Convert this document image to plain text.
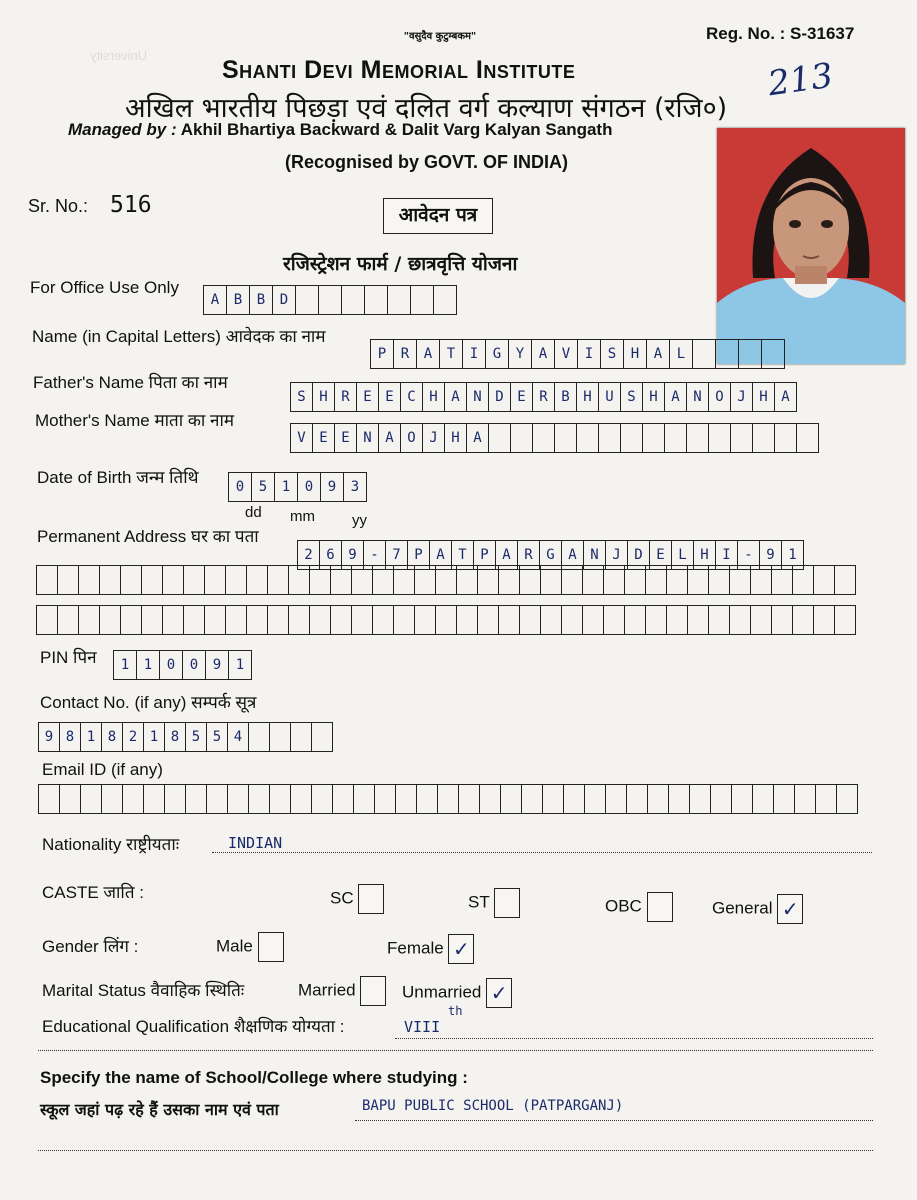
"वसुदैव कुटुम्बकम"	Reg. No. : S-31637
Shanti Devi Memorial Institute
अखिल भारतीय पिछड़ा एवं दलित वर्ग कल्याण संगठन (रजि०)
Managed by : Akhil Bhartiya Backward & Dalit Varg Kalyan Sangath
(Recognised by GOVT. OF INDIA)
213
University
Sr. No.: 516	आवेदन पत्र
रजिस्ट्रेशन फार्म / छात्रवृत्ति योजना
For Office Use Only
A	B	B	D
Name (in Capital Letters) आवेदक का नाम
P	R	A	T	I	G	Y	A	V	I	S	H	A	L
Father's Name पिता का नाम
S H R E E C H A N D E R B H U S H A N O J H A
Mother's Name माता का नाम
V E E N A O J H A
Date of Birth जन्म तिथि	0	5	1	0	9	3
dd mm yy
Permanent Address घर का पता
2 6 9 - 7 P A T P A R G A N J D E L H I - 9 1
PIN पिन	1	1	0	0	9	1
Contact No. (if any) सम्पर्क सूत्र
9 8 1 8 2 1 8 5 5 4
Email ID (if any)
Nationality राष्ट्रीयताः	INDIAN
CASTE जाति :	SC	ST	OBC	General ✓
Gender लिंग :	Male	Female ✓
Marital Status वैवाहिक स्थितिः	Married	Unmarried ✓
Educational Qualification शैक्षणिक योग्यता :	VIII
th
Specify the name of School/College where studying :
स्कूल जहां पढ़ रहे हैं उसका नाम एवं पता	BAPU PUBLIC SCHOOL (PATPARGANJ)
